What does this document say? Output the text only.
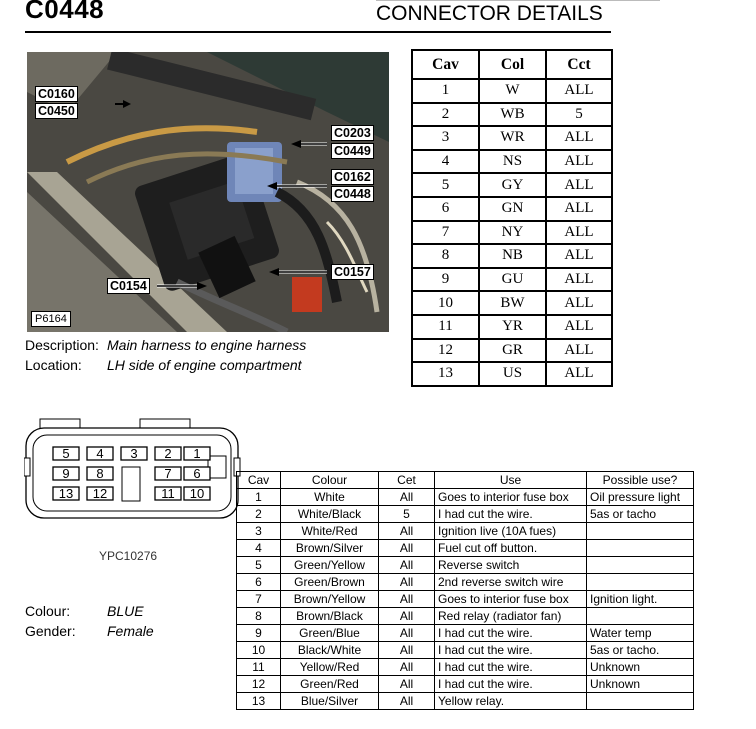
C0448	CONNECTOR DETAILS
C0160
C0450
C0203
C0449
C0162
C0448
C0154
C0157
P6164
Description: Main harness to engine harness
Location: LH side of engine compartment
Cav	Col	Cct
1	W	ALL
2	WB	5
3	WR	ALL
4	NS	ALL
5	GY	ALL
6	GN	ALL
7	NY	ALL
8	NB	ALL
9	GU	ALL
10	BW	ALL
11	YR	ALL
12	GR	ALL
13	US	ALL
5 4 3 2 1
9 8	7 6
13 12	11 10
YPC10276
Colour:	BLUE
Gender: Female
Cav	Colour	Cet	Use	Possible use?
1	White	All	Goes to interior fuse box	Oil pressure light
2	White/Black	5	I had cut the wire.	5as or tacho
3	White/Red	All	Ignition live (10A fues)	
4	Brown/Silver	All	Fuel cut off button.	
5	Green/Yellow	All	Reverse switch	
6	Green/Brown	All	2nd reverse switch wire	
7	Brown/Yellow	All	Goes to interior fuse box	Ignition light.
8	Brown/Black	All	Red relay (radiator fan)	
9	Green/Blue	All	I had cut the wire.	Water temp
10	Black/White	All	I had cut the wire.	5as or tacho.
11	Yellow/Red	All	I had cut the wire.	Unknown
12	Green/Red	All	I had cut the wire.	Unknown
13	Blue/Silver	All	Yellow relay.	
